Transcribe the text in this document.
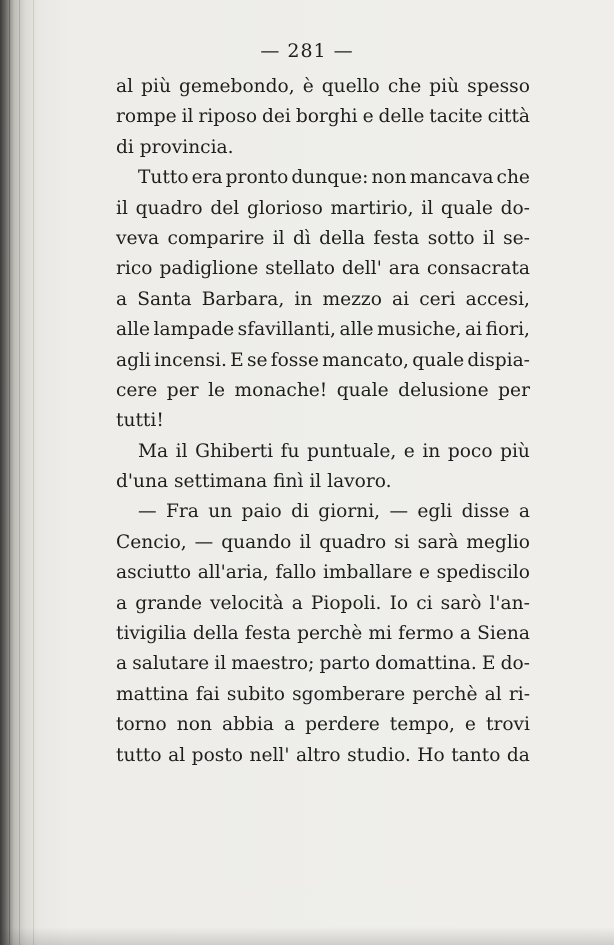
— 281 —
al più gemebondo, è quello che più spesso
rompe il riposo dei borghi e delle tacite città
di provincia.
Tutto era pronto dunque: non mancava che
il quadro del glorioso martirio, il quale do-
veva comparire il dì della festa sotto il se-
rico padiglione stellato dell' ara consacrata
a Santa Barbara, in mezzo ai ceri accesi,
alle lampade sfavillanti, alle musiche, ai fiori,
agli incensi. E se fosse mancato, quale dispia-
cere per le monache! quale delusione per
tutti!
Ma il Ghiberti fu puntuale, e in poco più
d'una settimana finì il lavoro.
— Fra un paio di giorni, — egli disse a
Cencio, — quando il quadro si sarà meglio
asciutto all'aria, fallo imballare e spediscilo
a grande velocità a Piopoli. Io ci sarò l'an-
tivigilia della festa perchè mi fermo a Siena
a salutare il maestro; parto domattina. E do-
mattina fai subito sgomberare perchè al ri-
torno non abbia a perdere tempo, e trovi
tutto al posto nell' altro studio. Ho tanto da
